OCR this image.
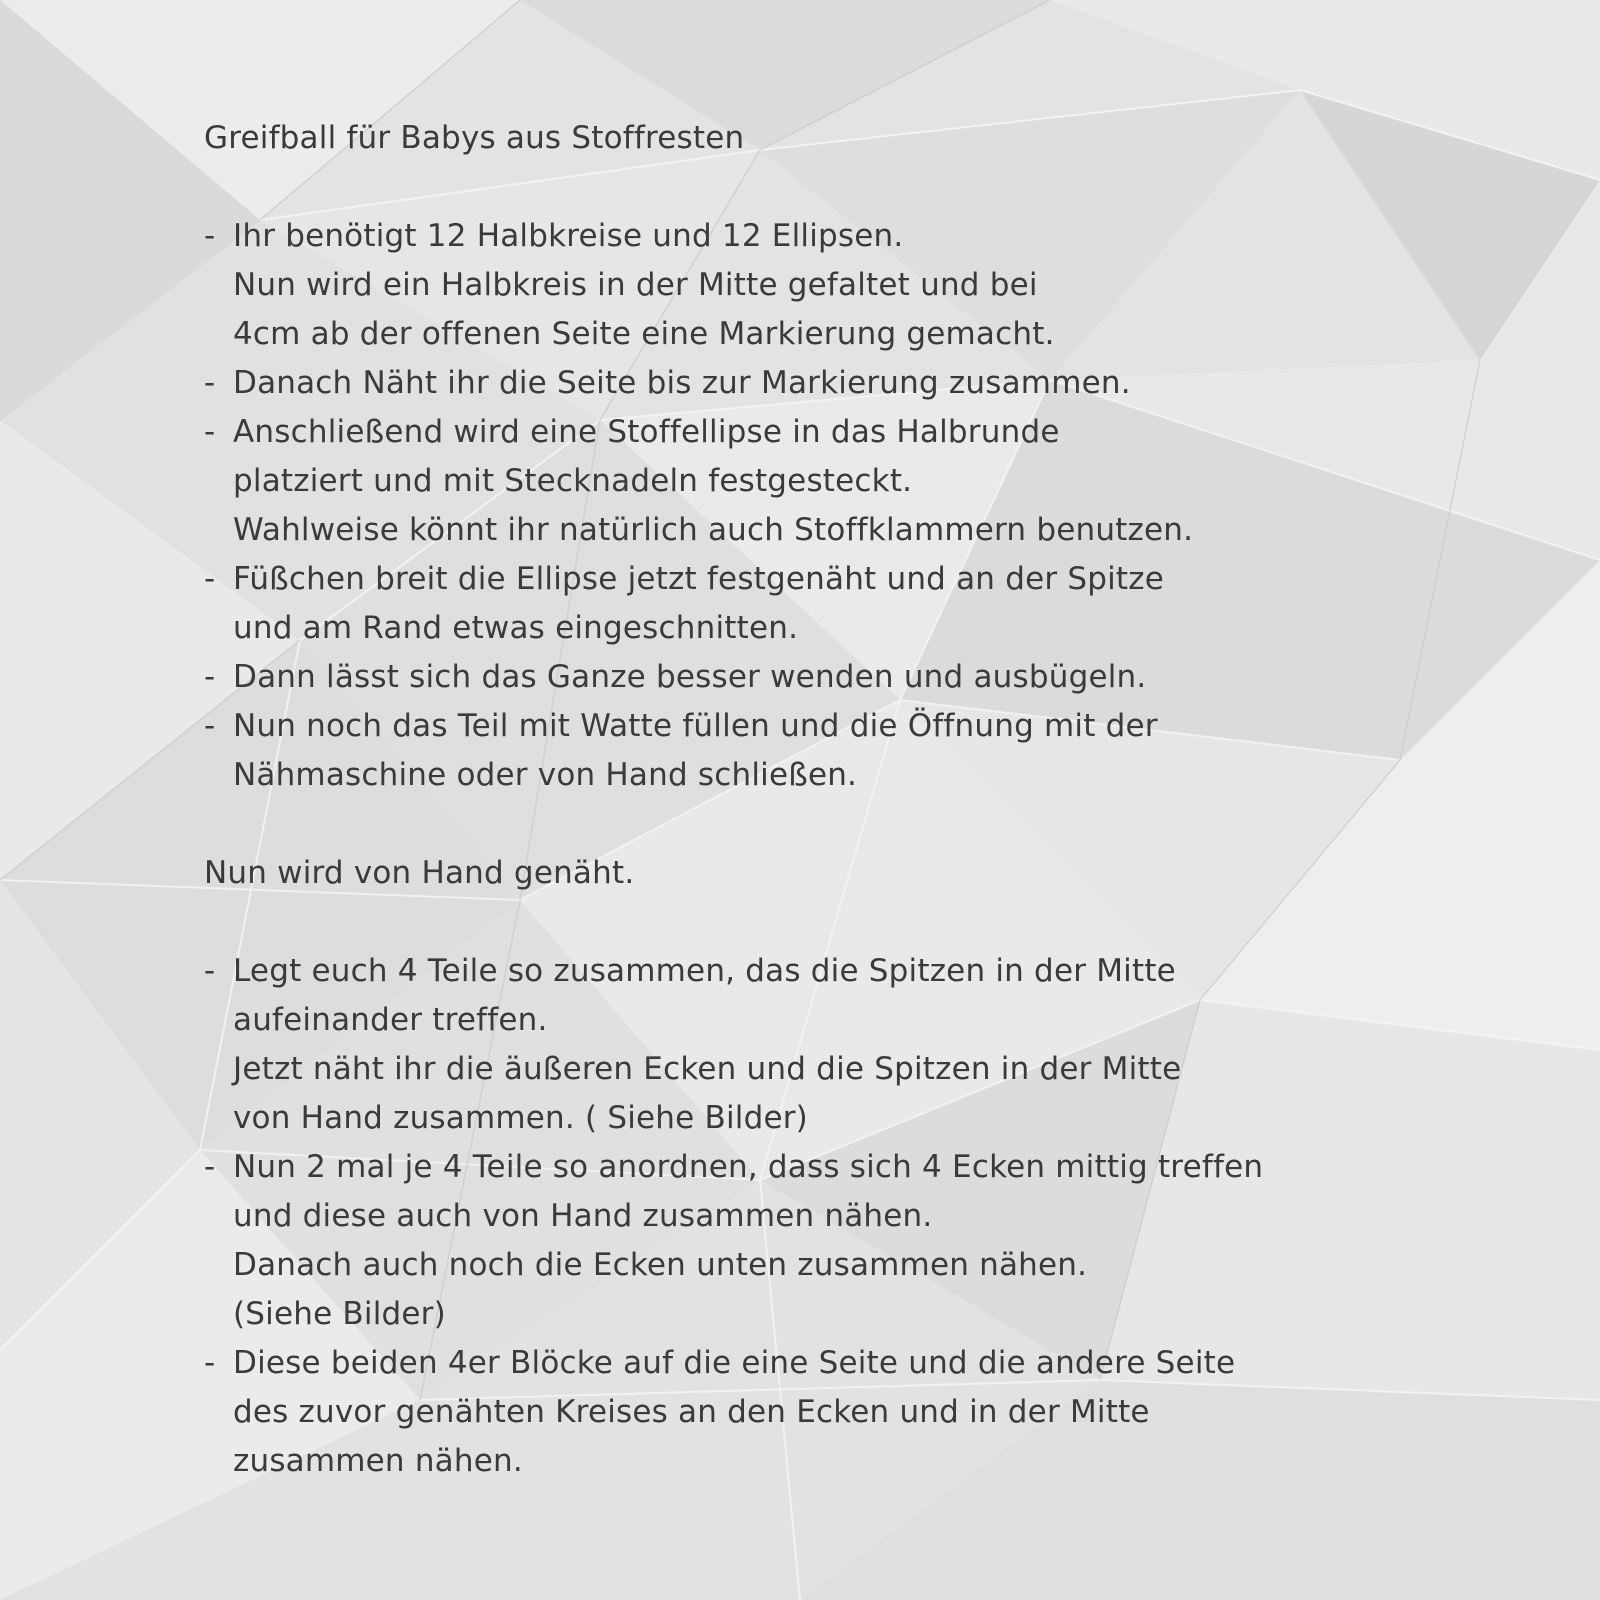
Greifball für Babys aus Stoffresten
- Ihr benötigt 12 Halbkreise und 12 Ellipsen.
Nun wird ein Halbkreis in der Mitte gefaltet und bei
4cm ab der offenen Seite eine Markierung gemacht.
- Danach Näht ihr die Seite bis zur Markierung zusammen.
- Anschließend wird eine Stoffellipse in das Halbrunde
platziert und mit Stecknadeln festgesteckt.
Wahlweise könnt ihr natürlich auch Stoffklammern benutzen.
- Füßchen breit die Ellipse jetzt festgenäht und an der Spitze
und am Rand etwas eingeschnitten.
- Dann lässt sich das Ganze besser wenden und ausbügeln.
- Nun noch das Teil mit Watte füllen und die Öffnung mit der
Nähmaschine oder von Hand schließen.
Nun wird von Hand genäht.
- Legt euch 4 Teile so zusammen, das die Spitzen in der Mitte
aufeinander treffen.
Jetzt näht ihr die äußeren Ecken und die Spitzen in der Mitte
von Hand zusammen. ( Siehe Bilder)
- Nun 2 mal je 4 Teile so anordnen, dass sich 4 Ecken mittig treffen
und diese auch von Hand zusammen nähen.
Danach auch noch die Ecken unten zusammen nähen.
(Siehe Bilder)
- Diese beiden 4er Blöcke auf die eine Seite und die andere Seite
des zuvor genähten Kreises an den Ecken und in der Mitte
zusammen nähen.
